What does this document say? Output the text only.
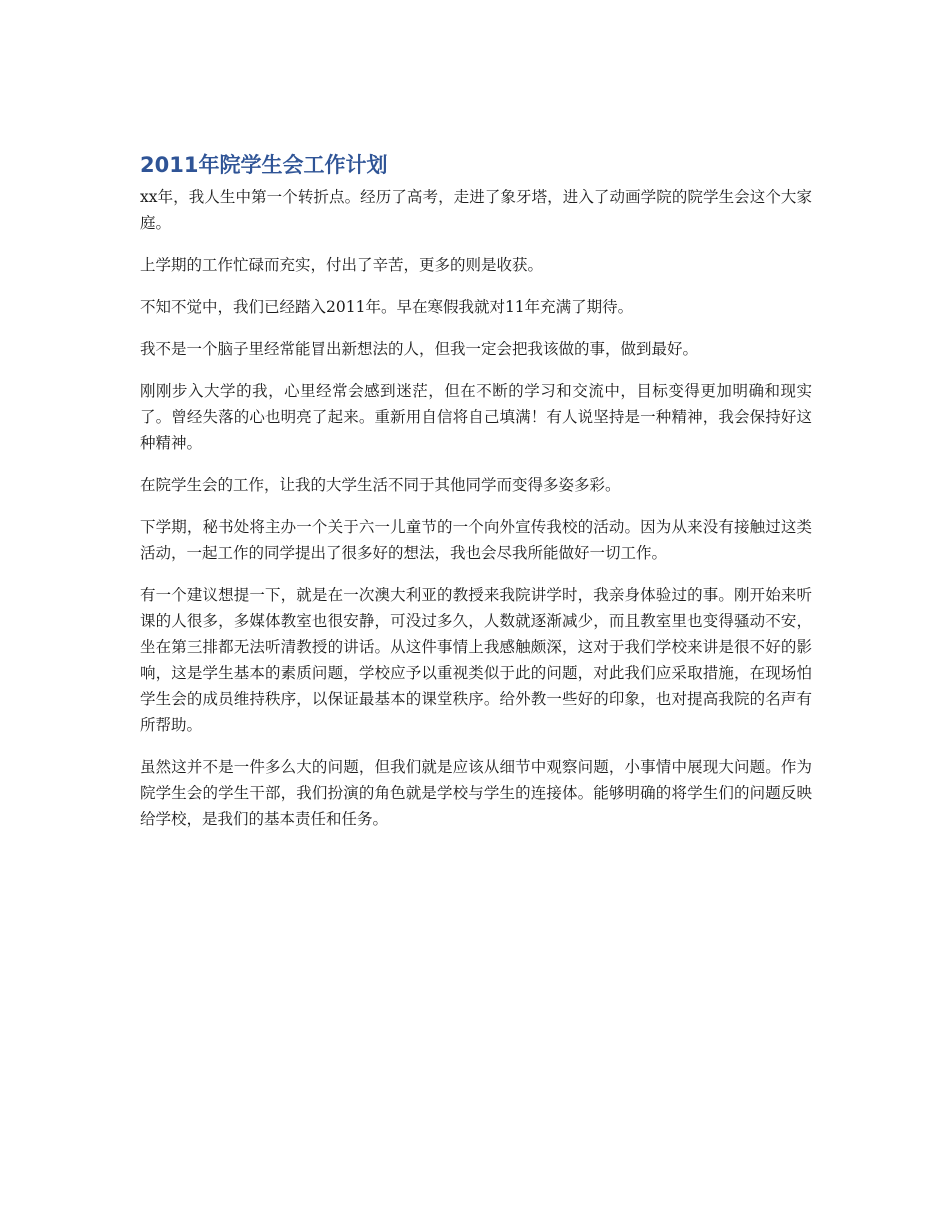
2011年院学生会工作计划

xx年，我人生中第一个转折点。经历了高考，走进了象牙塔，进入了动画学院的院学生会这个大家庭。

上学期的工作忙碌而充实，付出了辛苦，更多的则是收获。

不知不觉中，我们已经踏入2011年。早在寒假我就对11年充满了期待。

我不是一个脑子里经常能冒出新想法的人，但我一定会把我该做的事，做到最好。

刚刚步入大学的我，心里经常会感到迷茫，但在不断的学习和交流中，目标变得更加明确和现实了。曾经失落的心也明亮了起来。重新用自信将自己填满！有人说坚持是一种精神，我会保持好这种精神。

在院学生会的工作，让我的大学生活不同于其他同学而变得多姿多彩。

下学期，秘书处将主办一个关于六一儿童节的一个向外宣传我校的活动。因为从来没有接触过这类活动，一起工作的同学提出了很多好的想法，我也会尽我所能做好一切工作。

有一个建议想提一下，就是在一次澳大利亚的教授来我院讲学时，我亲身体验过的事。刚开始来听课的人很多，多媒体教室也很安静，可没过多久，人数就逐渐减少，而且教室里也变得骚动不安，坐在第三排都无法听清教授的讲话。从这件事情上我感触颇深，这对于我们学校来讲是很不好的影响，这是学生基本的素质问题，学校应予以重视类似于此的问题，对此我们应采取措施，在现场怕学生会的成员维持秩序，以保证最基本的课堂秩序。给外教一些好的印象，也对提高我院的名声有所帮助。

虽然这并不是一件多么大的问题，但我们就是应该从细节中观察问题，小事情中展现大问题。作为院学生会的学生干部，我们扮演的角色就是学校与学生的连接体。能够明确的将学生们的问题反映给学校，是我们的基本责任和任务。
